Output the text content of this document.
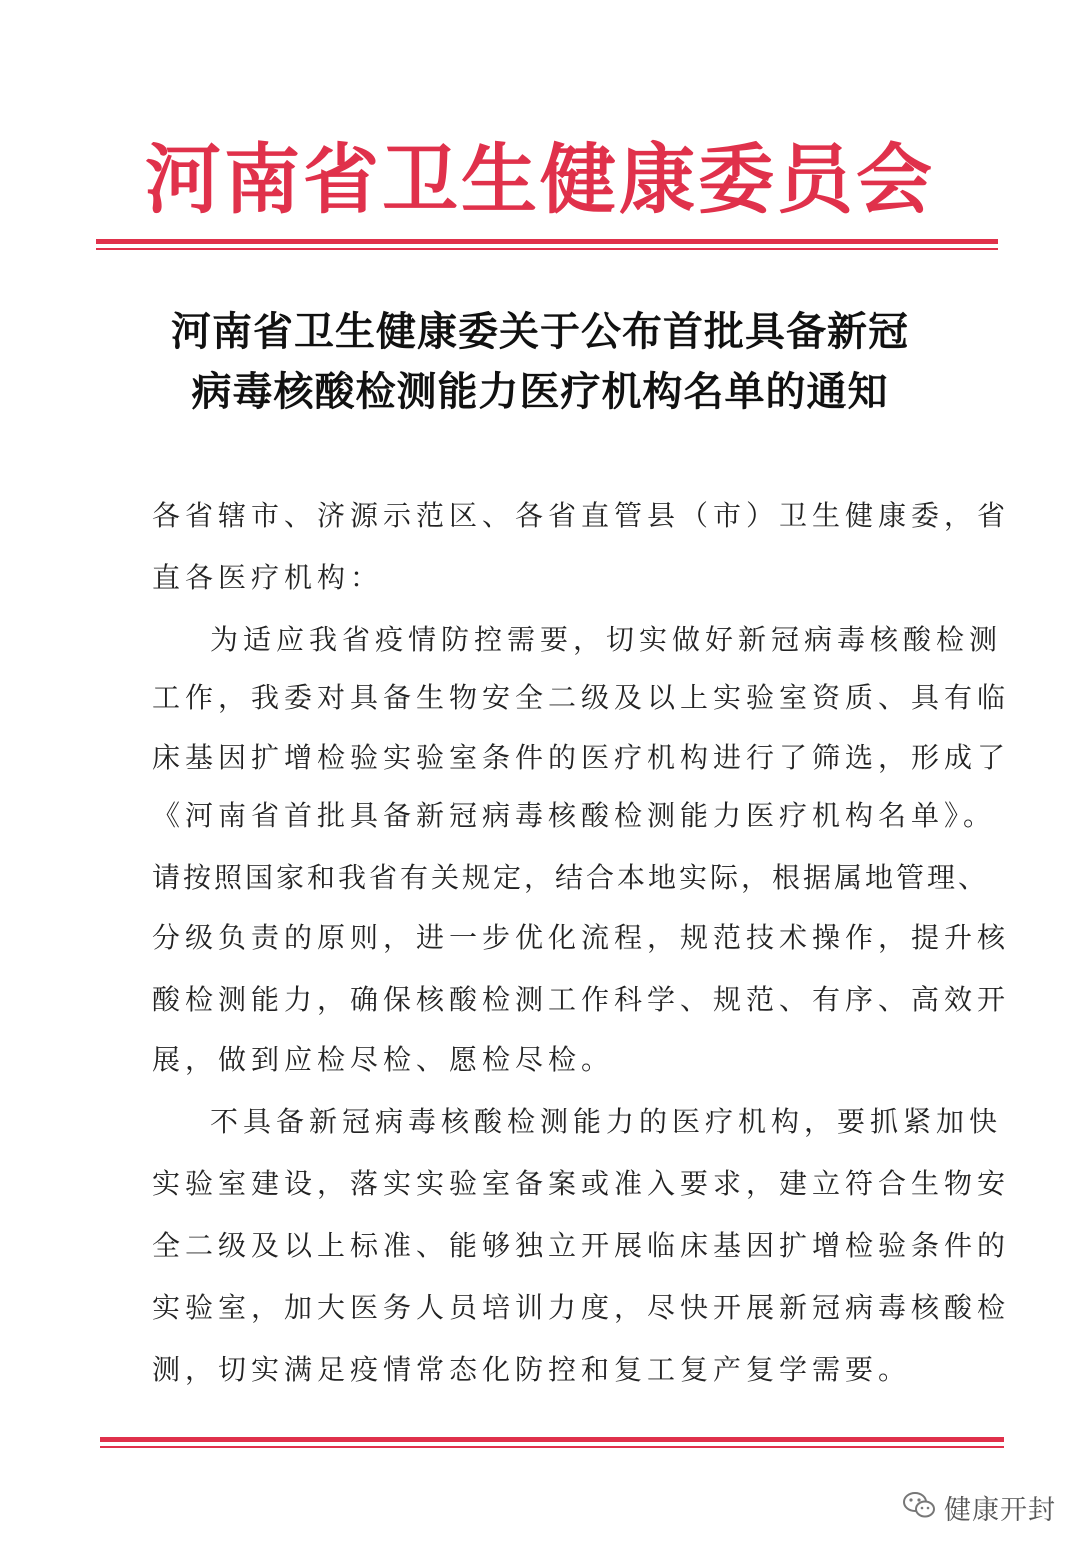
河南省卫生健康委员会
河南省卫生健康委关于公布首批具备新冠
病毒核酸检测能力医疗机构名单的通知
各省辖市、济源示范区、各省直管县（市）卫生健康委，省
直各医疗机构：
为适应我省疫情防控需要，切实做好新冠病毒核酸检测
工作，我委对具备生物安全二级及以上实验室资质、具有临
床基因扩增检验实验室条件的医疗机构进行了筛选，形成了
《河南省首批具备新冠病毒核酸检测能力医疗机构名单》。
请按照国家和我省有关规定，结合本地实际，根据属地管理、
分级负责的原则，进一步优化流程，规范技术操作，提升核
酸检测能力，确保核酸检测工作科学、规范、有序、高效开
展，做到应检尽检、愿检尽检。
不具备新冠病毒核酸检测能力的医疗机构，要抓紧加快
实验室建设，落实实验室备案或准入要求，建立符合生物安
全二级及以上标准、能够独立开展临床基因扩增检验条件的
实验室，加大医务人员培训力度，尽快开展新冠病毒核酸检
测，切实满足疫情常态化防控和复工复产复学需要。
健康开封
